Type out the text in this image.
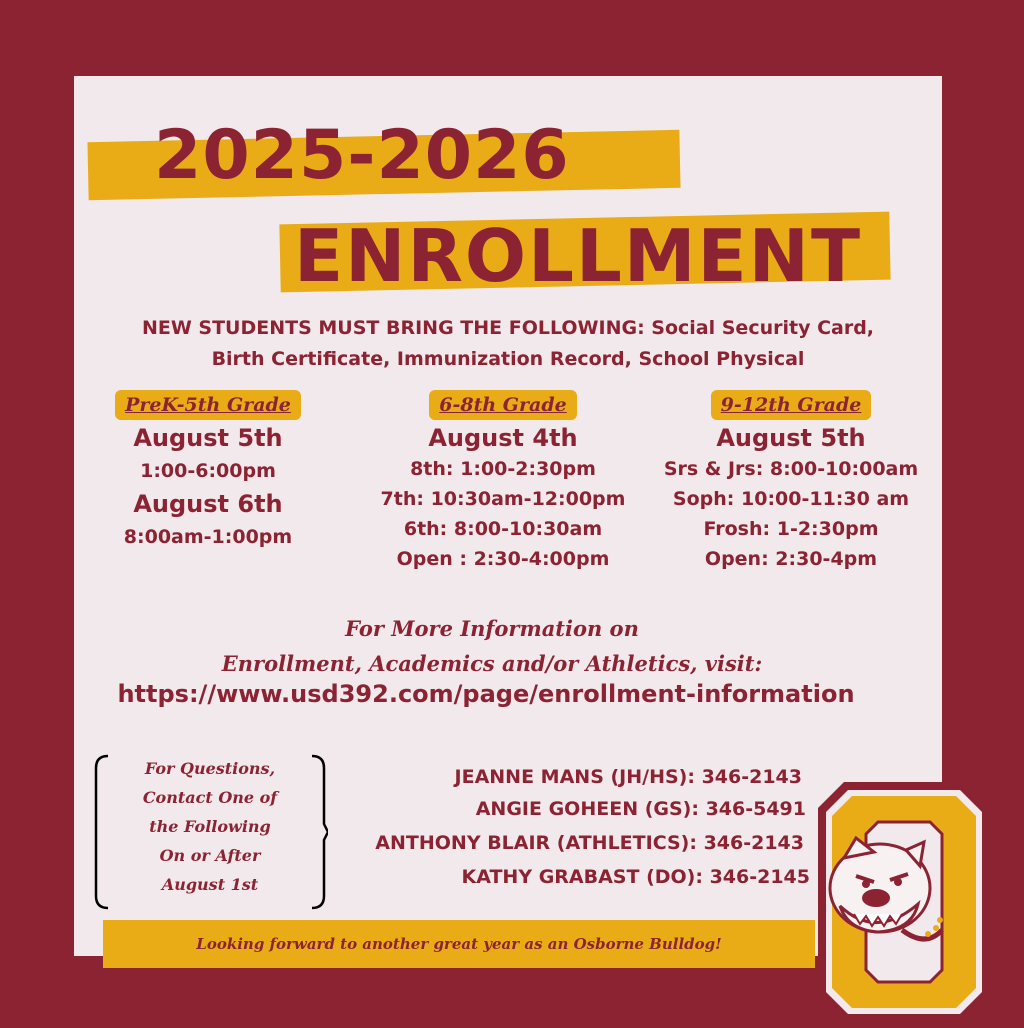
2025-2026
ENROLLMENT
NEW STUDENTS MUST BRING THE FOLLOWING: Social Security Card,
Birth Certificate, Immunization Record, School Physical
PreK-5th Grade
August 5th
1:00-6:00pm
August 6th
8:00am-1:00pm
6-8th Grade
August 4th
8th: 1:00-2:30pm
7th: 10:30am-12:00pm
6th: 8:00-10:30am
Open : 2:30-4:00pm
9-12th Grade
August 5th
Srs & Jrs: 8:00-10:00am
Soph: 10:00-11:30 am
Frosh: 1-2:30pm
Open: 2:30-4pm
For More Information on
Enrollment, Academics and/or Athletics, visit:
https://www.usd392.com/page/enrollment-information
For Questions,
Contact One of
the Following
On or After
August 1st
JEANNE MANS (JH/HS): 346-2143
ANGIE GOHEEN (GS): 346-5491
ANTHONY BLAIR (ATHLETICS): 346-2143
KATHY GRABAST (DO): 346-2145
Looking forward to another great year as an Osborne Bulldog!
